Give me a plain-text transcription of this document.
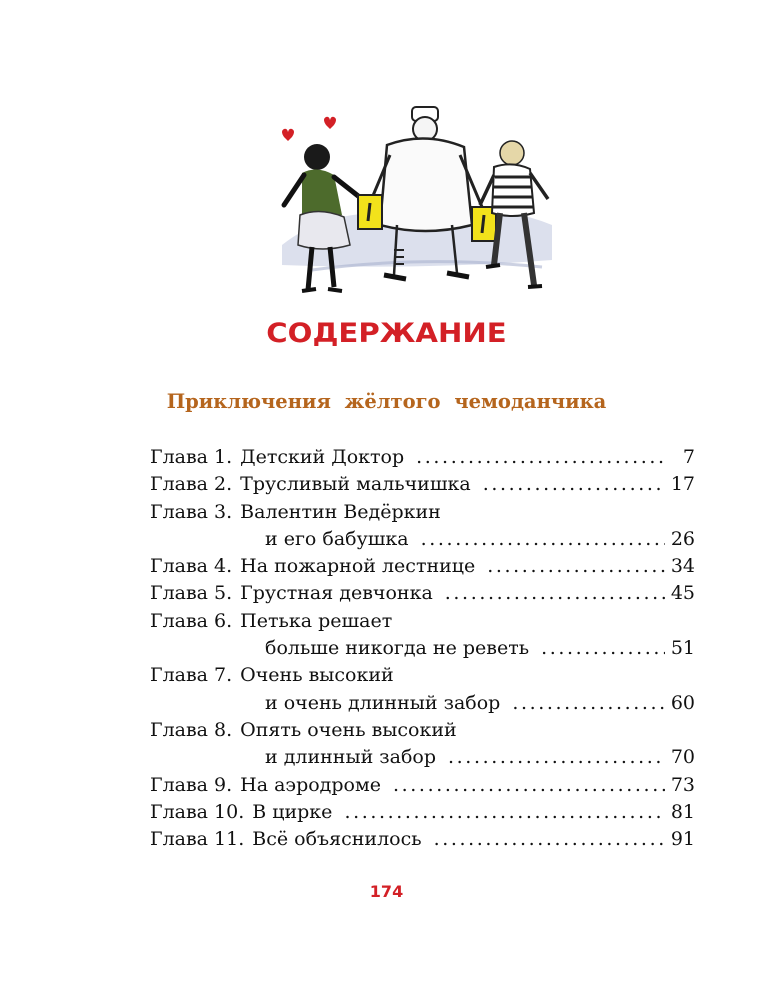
СОДЕРЖАНИЕ
Приключения жёлтого чемоданчика
Глава 1. Детский Доктор .....	7
Глава 2. Трусливый мальчишка .....	17
Глава 3. Валентин Ведёркин
и его бабушка .....	26
Глава 4. На пожарной лестнице .....	34
Глава 5. Грустная девчонка .....	45
Глава 6. Петька решает
больше никогда не реветь .....	51
Глава 7. Очень высокий
и очень длинный забор .....	60
Глава 8. Опять очень высокий
и длинный забор .....	70
Глава 9. На аэродроме .....	73
Глава 10. В цирке .....	81
Глава 11. Всё объяснилось .....	91
174
